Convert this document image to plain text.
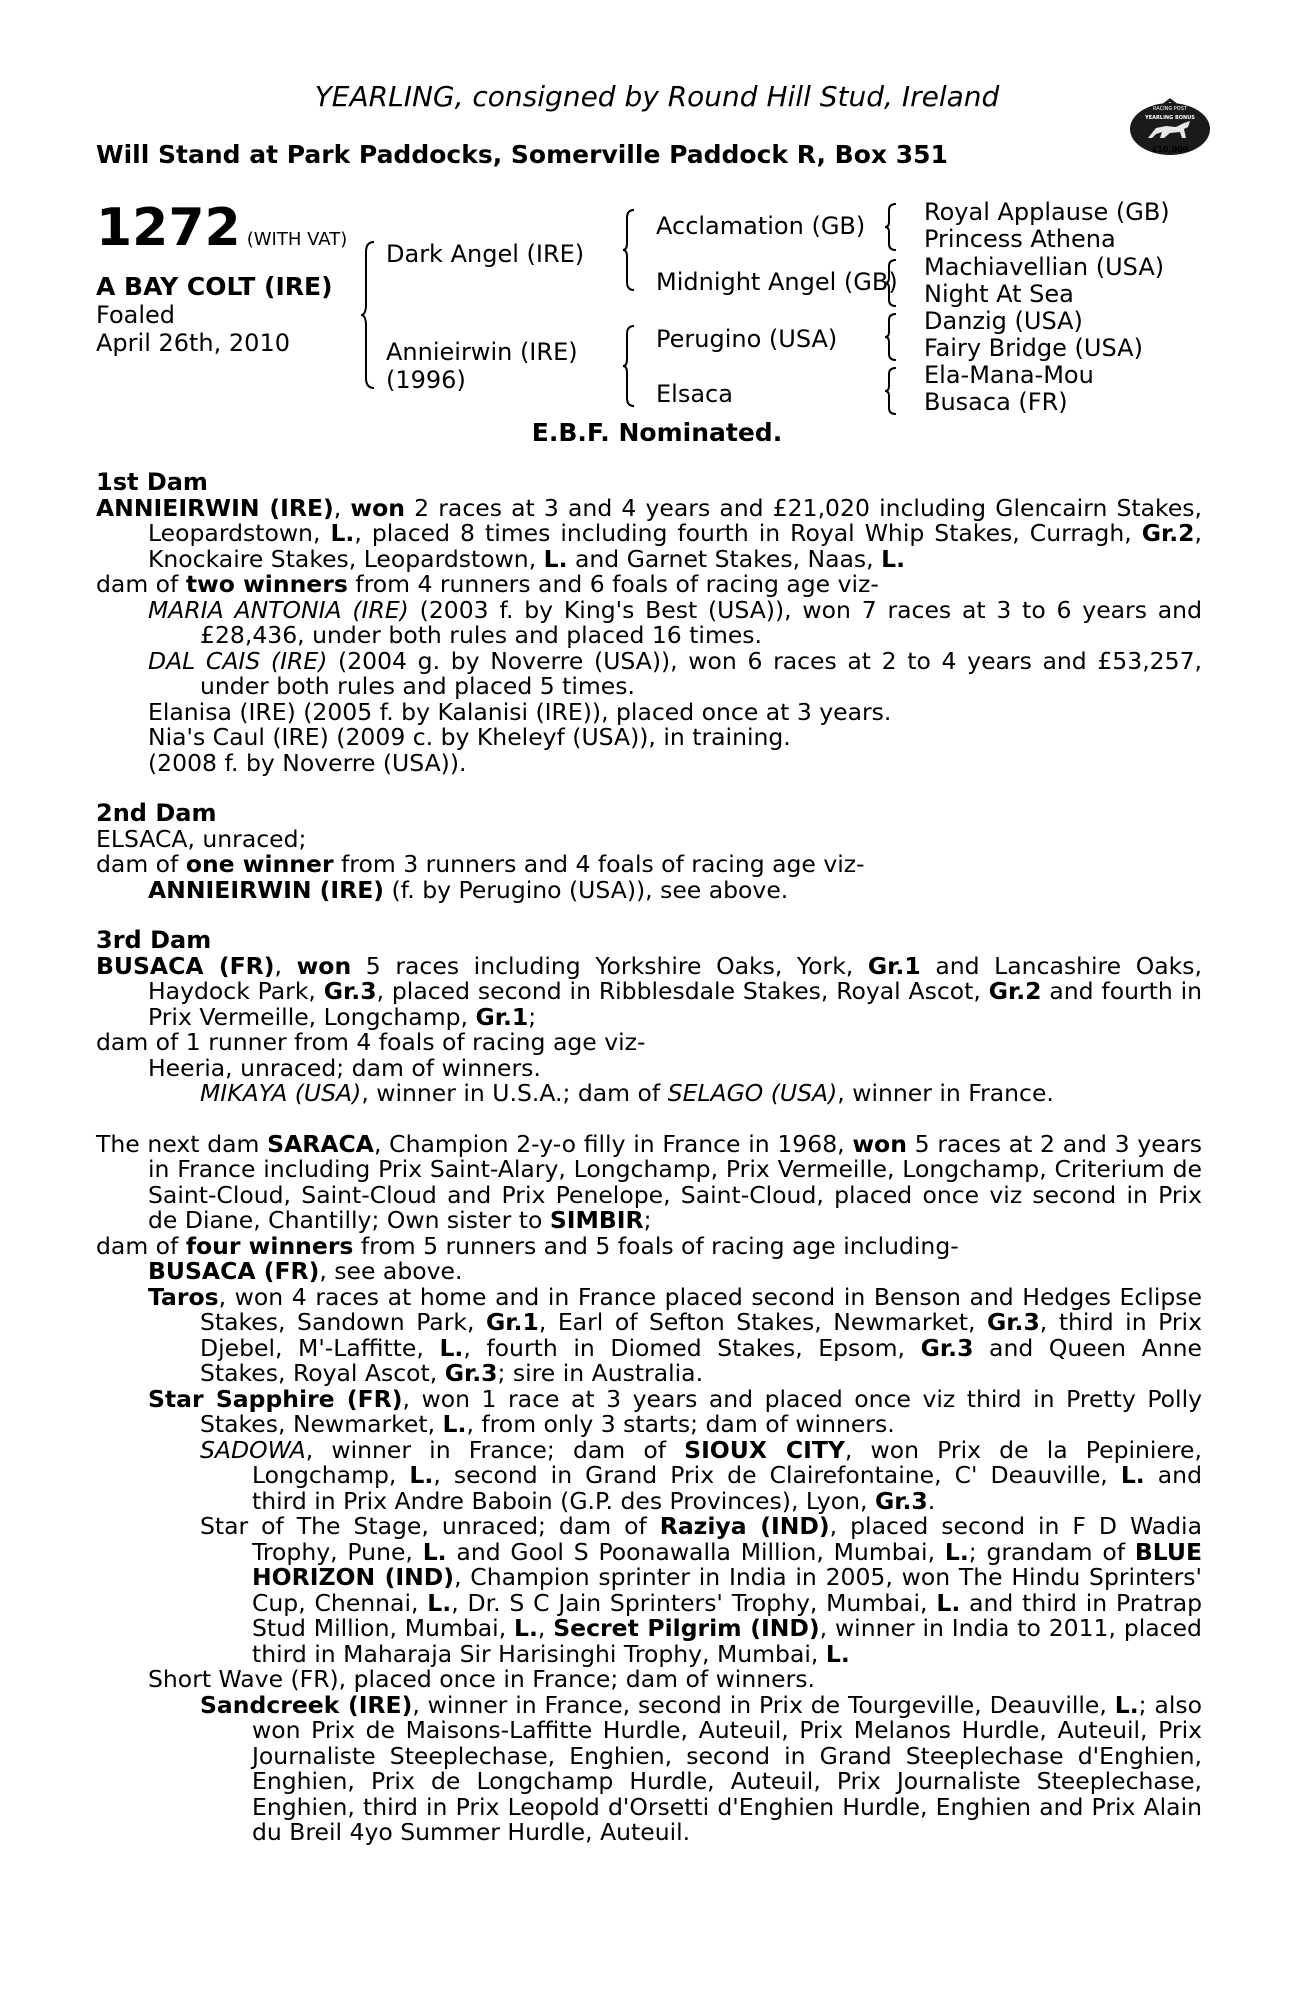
YEARLING, consigned by Round Hill Stud, Ireland
Will Stand at Park Paddocks, Somerville Paddock R, Box 351
RACING POST
YEARLING BONUS
£10,000
1272 (WITH VAT)
A BAY COLT (IRE)
Foaled
April 26th, 2010
Dark Angel (IRE)
Annieirwin (IRE)
(1996)
Acclamation (GB)
Midnight Angel (GB)
Perugino (USA)
Elsaca
Royal Applause (GB)
Princess Athena
Machiavellian (USA)
Night At Sea
Danzig (USA)
Fairy Bridge (USA)
Ela-Mana-Mou
Busaca (FR)
E.B.F. Nominated.
1st Dam
ANNIEIRWIN (IRE), won 2 races at 3 and 4 years and £21,020 including Glencairn Stakes, Leopardstown, L., placed 8 times including fourth in Royal Whip Stakes, Curragh, Gr.2, Knockaire Stakes, Leopardstown, L. and Garnet Stakes, Naas, L.
dam of two winners from 4 runners and 6 foals of racing age viz-
MARIA ANTONIA (IRE) (2003 f. by King's Best (USA)), won 7 races at 3 to 6 years and £28,436, under both rules and placed 16 times.
DAL CAIS (IRE) (2004 g. by Noverre (USA)), won 6 races at 2 to 4 years and £53,257, under both rules and placed 5 times.
Elanisa (IRE) (2005 f. by Kalanisi (IRE)), placed once at 3 years.
Nia's Caul (IRE) (2009 c. by Kheleyf (USA)), in training.
(2008 f. by Noverre (USA)).
2nd Dam
ELSACA, unraced;
dam of one winner from 3 runners and 4 foals of racing age viz-
ANNIEIRWIN (IRE) (f. by Perugino (USA)), see above.
3rd Dam
BUSACA (FR), won 5 races including Yorkshire Oaks, York, Gr.1 and Lancashire Oaks, Haydock Park, Gr.3, placed second in Ribblesdale Stakes, Royal Ascot, Gr.2 and fourth in Prix Vermeille, Longchamp, Gr.1;
dam of 1 runner from 4 foals of racing age viz-
Heeria, unraced; dam of winners.
MIKAYA (USA), winner in U.S.A.; dam of SELAGO (USA), winner in France.
The next dam SARACA, Champion 2-y-o filly in France in 1968, won 5 races at 2 and 3 years in France including Prix Saint-Alary, Longchamp, Prix Vermeille, Longchamp, Criterium de Saint-Cloud, Saint-Cloud and Prix Penelope, Saint-Cloud, placed once viz second in Prix de Diane, Chantilly; Own sister to SIMBIR;
dam of four winners from 5 runners and 5 foals of racing age including-
BUSACA (FR), see above.
Taros, won 4 races at home and in France placed second in Benson and Hedges Eclipse Stakes, Sandown Park, Gr.1, Earl of Sefton Stakes, Newmarket, Gr.3, third in Prix Djebel, M'-Laffitte, L., fourth in Diomed Stakes, Epsom, Gr.3 and Queen Anne Stakes, Royal Ascot, Gr.3; sire in Australia.
Star Sapphire (FR), won 1 race at 3 years and placed once viz third in Pretty Polly Stakes, Newmarket, L., from only 3 starts; dam of winners.
SADOWA, winner in France; dam of SIOUX CITY, won Prix de la Pepiniere, Longchamp, L., second in Grand Prix de Clairefontaine, C' Deauville, L. and third in Prix Andre Baboin (G.P. des Provinces), Lyon, Gr.3.
Star of The Stage, unraced; dam of Raziya (IND), placed second in F D Wadia Trophy, Pune, L. and Gool S Poonawalla Million, Mumbai, L.; grandam of BLUE HORIZON (IND), Champion sprinter in India in 2005, won The Hindu Sprinters' Cup, Chennai, L., Dr. S C Jain Sprinters' Trophy, Mumbai, L. and third in Pratrap Stud Million, Mumbai, L., Secret Pilgrim (IND), winner in India to 2011, placed third in Maharaja Sir Harisinghi Trophy, Mumbai, L.
Short Wave (FR), placed once in France; dam of winners.
Sandcreek (IRE), winner in France, second in Prix de Tourgeville, Deauville, L.; also won Prix de Maisons-Laffitte Hurdle, Auteuil, Prix Melanos Hurdle, Auteuil, Prix Journaliste Steeplechase, Enghien, second in Grand Steeplechase d'Enghien, Enghien, Prix de Longchamp Hurdle, Auteuil, Prix Journaliste Steeplechase, Enghien, third in Prix Leopold d'Orsetti d'Enghien Hurdle, Enghien and Prix Alain du Breil 4yo Summer Hurdle, Auteuil.
